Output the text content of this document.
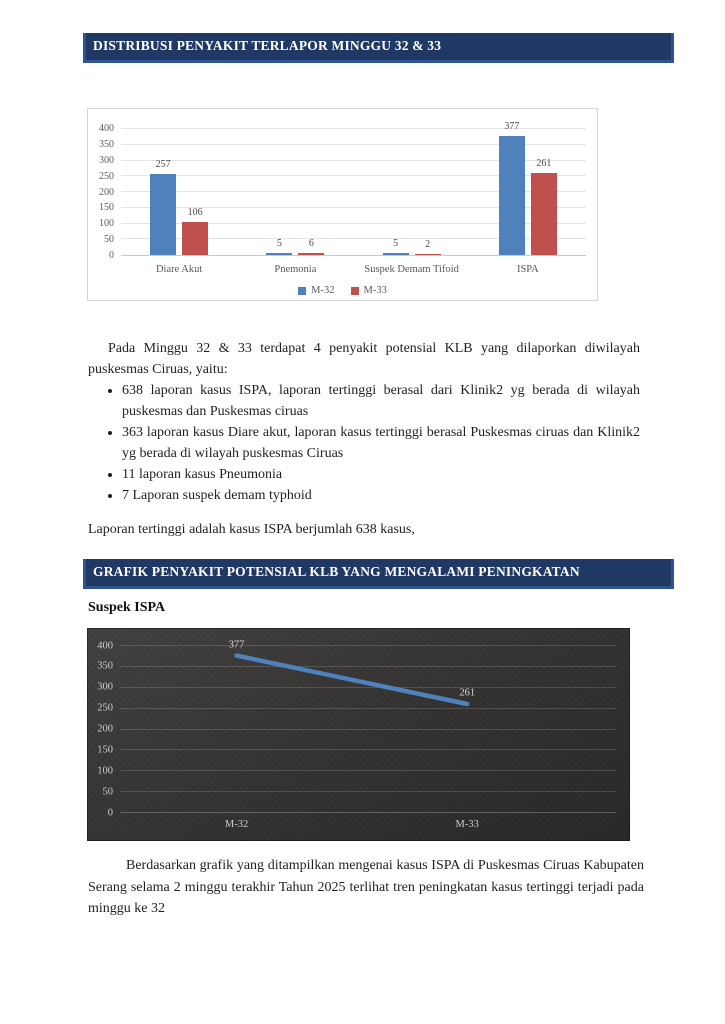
DISTRIBUSI PENYAKIT TERLAPOR MINGGU 32 & 33
0
50
100
150
200
250
300
350
400
257
106
5	6	5	2
377
261
Diare Akut	Pnemonia	Suspek Demam Tifoid	ISPA
M-32	M-33

Pada Minggu 32 & 33 terdapat 4 penyakit potensial KLB yang dilaporkan diwilayah puskesmas Ciruas, yaitu:

• 638 laporan kasus ISPA, laporan tertinggi berasal dari Klinik2 yg berada di wilayah puskesmas dan Puskesmas ciruas
• 363 laporan kasus Diare akut, laporan kasus tertinggi berasal Puskesmas ciruas dan Klinik2 yg berada di wilayah puskesmas Ciruas
• 11 laporan kasus Pneumonia
• 7 Laporan suspek demam typhoid

Laporan tertinggi adalah kasus ISPA berjumlah 638 kasus,

GRAFIK PENYAKIT POTENSIAL KLB YANG MENGALAMI PENINGKATAN
Suspek ISPA
0
50
100
150
200
250
300
350
400	377
261
M-32	M-33

Berdasarkan grafik yang ditampilkan mengenai kasus ISPA di Puskesmas Ciruas Kabupaten Serang selama 2 minggu terakhir Tahun 2025 terlihat tren peningkatan kasus tertinggi terjadi pada minggu ke 32
